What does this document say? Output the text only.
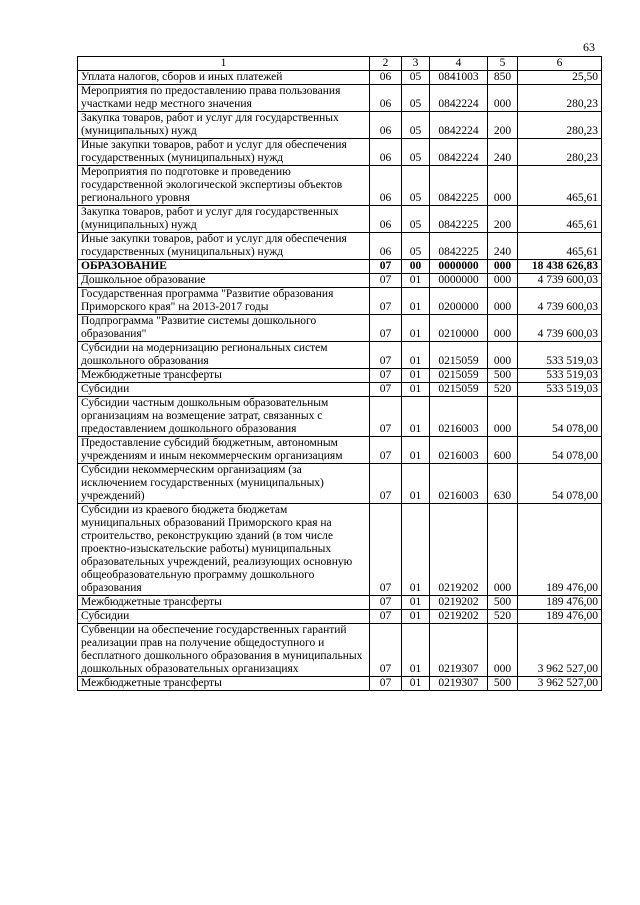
63
1	2	3	4	5	6
Уплата налогов, сборов и иных платежей	06	05	0841003	850	25,50
Мероприятия по предоставлению права пользования участками недр местного значения	06	05	0842224	000	280,23
Закупка товаров, работ и услуг для государственных (муниципальных) нужд	06	05	0842224	200	280,23
Иные закупки товаров, работ и услуг для обеспечения государственных (муниципальных) нужд	06	05	0842224	240	280,23
Мероприятия по подготовке и проведению государственной экологической экспертизы объектов регионального уровня	06	05	0842225	000	465,61
Закупка товаров, работ и услуг для государственных (муниципальных) нужд	06	05	0842225	200	465,61
Иные закупки товаров, работ и услуг для обеспечения государственных (муниципальных) нужд	06	05	0842225	240	465,61
ОБРАЗОВАНИЕ	07	00	0000000	000	18 438 626,83
Дошкольное образование	07	01	0000000	000	4 739 600,03
Государственная программа "Развитие образования Приморского края" на 2013-2017 годы	07	01	0200000	000	4 739 600,03
Подпрограмма "Развитие системы дошкольного образования"	07	01	0210000	000	4 739 600,03
Субсидии на модернизацию региональных систем дошкольного образования	07	01	0215059	000	533 519,03
Межбюджетные трансферты	07	01	0215059	500	533 519,03
Субсидии	07	01	0215059	520	533 519,03
Субсидии частным дошкольным образовательным организациям на возмещение затрат, связанных с предоставлением дошкольного образования	07	01	0216003	000	54 078,00
Предоставление субсидий бюджетным, автономным учреждениям и иным некоммерческим организациям	07	01	0216003	600	54 078,00
Субсидии некоммерческим организациям (за исключением государственных (муниципальных) учреждений)	07	01	0216003	630	54 078,00
Субсидии из краевого бюджета бюджетам муниципальных образований Приморского края на строительство, реконструкцию зданий (в том числе проектно-изыскательские работы) муниципальных образовательных учреждений, реализующих основную общеобразовательную программу дошкольного образования	07	01	0219202	000	189 476,00
Межбюджетные трансферты	07	01	0219202	500	189 476,00
Субсидии	07	01	0219202	520	189 476,00
Субвенции на обеспечение государственных гарантий реализации прав на получение общедоступного и бесплатного дошкольного образования в муниципальных дошкольных образовательных организациях	07	01	0219307	000	3 962 527,00
Межбюджетные трансферты	07	01	0219307	500	3 962 527,00
